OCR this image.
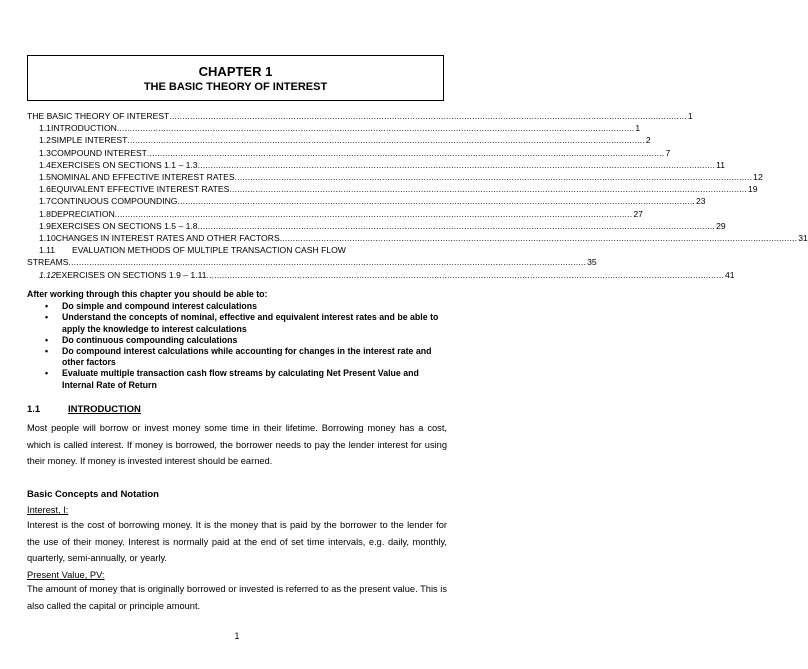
CHAPTER 1
THE BASIC THEORY OF INTEREST
THE BASIC THEORY OF INTEREST ........................................................................................................................................................................................................ 1
1.1 INTRODUCTION ........................................................................................................................................................................................................ 1
1.2 SIMPLE INTEREST ........................................................................................................................................................................................................ 2
1.3 COMPOUND INTEREST ........................................................................................................................................................................................................ 7
1.4 EXERCISES ON SECTIONS 1.1 – 1.3 ........................................................................................................................................................................................................ 11
1.5 NOMINAL AND EFFECTIVE INTEREST RATES ........................................................................................................................................................................................................ 12
1.6 EQUIVALENT EFFECTIVE INTEREST RATES ........................................................................................................................................................................................................ 19
1.7 CONTINUOUS COMPOUNDING ........................................................................................................................................................................................................ 23
1.8 DEPRECIATION ........................................................................................................................................................................................................ 27
1.9 EXERCISES ON SECTIONS 1.5 – 1.8 ........................................................................................................................................................................................................ 29
1.10 CHANGES IN INTEREST RATES AND OTHER FACTORS ........................................................................................................................................................................................................ 31
1.11	EVALUATION METHODS OF MULTIPLE TRANSACTION CASH FLOW
STREAMS ........................................................................................................................................................................................................ 35
1.12 EXERCISES ON SECTIONS 1.9 – 1.11 ........................................................................................................................................................................................................ 41
After working through this chapter you should be able to:
• Do simple and compound interest calculations
• Understand the concepts of nominal, effective and equivalent interest rates and be able to apply the knowledge to interest calculations
• Do continuous compounding calculations
• Do compound interest calculations while accounting for changes in the interest rate and other factors
• Evaluate multiple transaction cash flow streams by calculating Net Present Value and Internal Rate of Return
1.1	INTRODUCTION
Most people will borrow or invest money some time in their lifetime. Borrowing money has a cost, which is called interest. If money is borrowed, the borrower needs to pay the lender interest for using their money. If money is invested interest should be earned.
Basic Concepts and Notation
Interest, I:
Interest is the cost of borrowing money. It is the money that is paid by the borrower to the lender for the use of their money. Interest is normally paid at the end of set time intervals, e.g. daily, monthly, quarterly, semi-annually, or yearly.
Present Value, PV:
The amount of money that is originally borrowed or invested is referred to as the present value. This is also called the capital or principle amount.
1
